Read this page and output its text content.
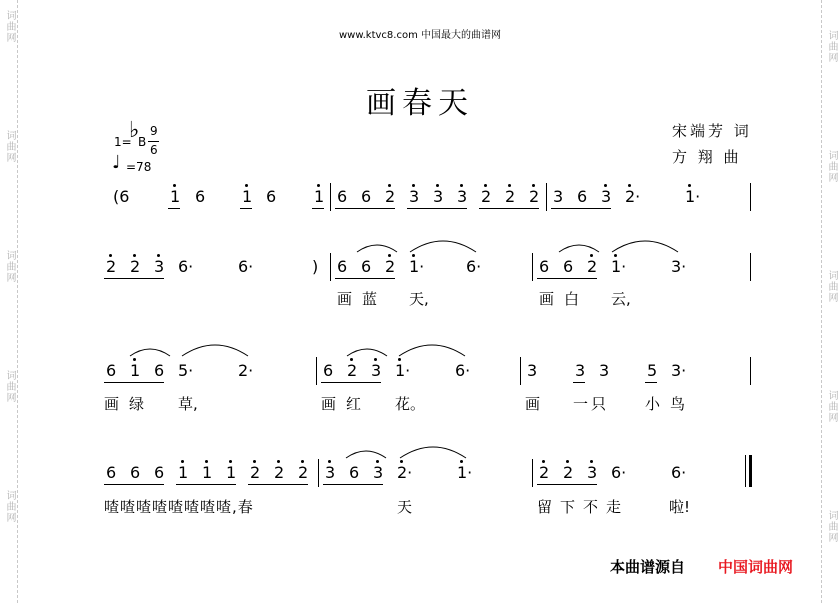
词曲网
词曲网
词曲网
词曲网
词曲网
词曲网
词曲网
词曲网
词曲网
词曲网
www.ktvc8.com 中国最大的曲谱网
画春天
宋端芳 词
方 翔 曲
1=
♭
B
9
6
♩ =78
(6	1 6 1 6 1 6 6 2 3 3 3 2 2 2 3 6 3 2·	1·
2 2 3 6·	6·	) 6 6 2 1·	6·	6 6 2 1·	3·
画蓝 天,	画白 云,
6 1 6 5·	2·	6 2 3 1·	6·	3 3 3 5 3·
画绿 草,	画红 花。	画 一只 小鸟
6 6 6 1 1 1 2 2 2 3 6 3 2·	1·	2 2 3 6·	6·
喳喳喳喳喳喳喳喳,春	天	留下不走	啦!
本曲谱源自 中国词曲网
